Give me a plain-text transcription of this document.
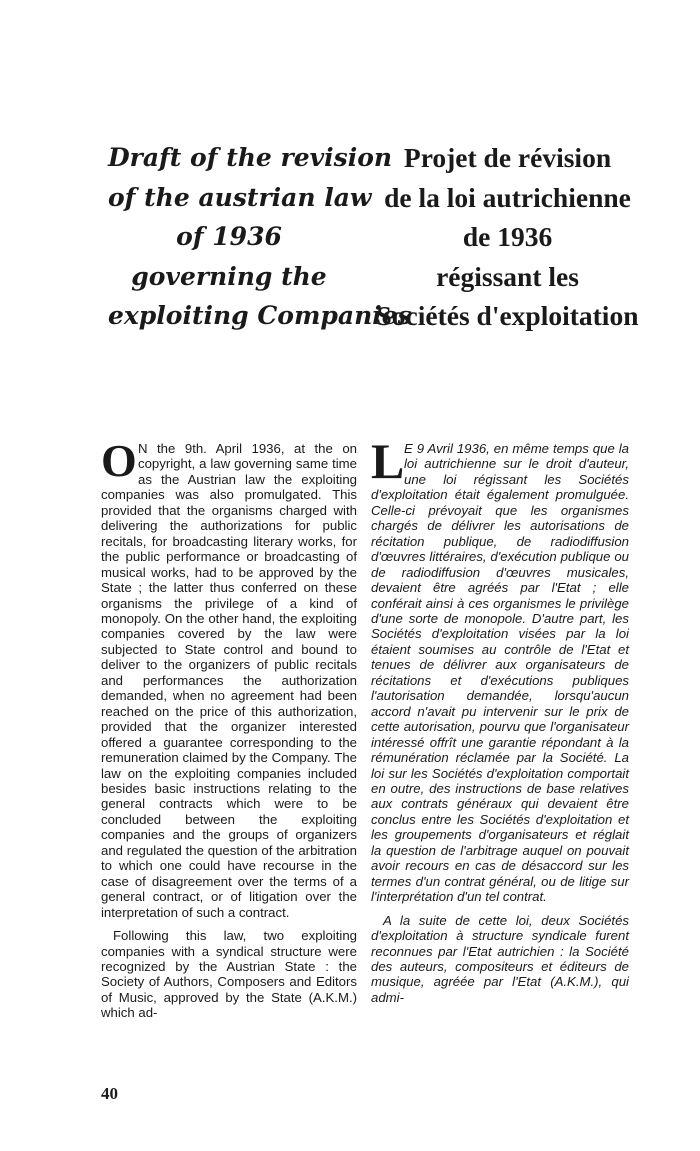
Draft of the revision
of the austrian law
of 1936
governing the
exploiting Companies
Projet de révision
de la loi autrichienne
de 1936
régissant les
Sociétés d'exploitation

O N the 9th. April 1936, at the on copyright, a law governing same time as the Austrian law the exploiting companies was also promulgated. This provided that the organisms charged with delivering the authorizations for public recitals, for broadcasting literary works, for the public performance or broadcasting of musical works, had to be approved by the State ; the latter thus conferred on these organisms the privilege of a kind of monopoly. On the other hand, the exploiting companies covered by the law were subjected to State control and bound to deliver to the organizers of public recitals and performances the authorization demanded, when no agreement had been reached on the price of this authorization, provided that the organizer interested offered a guarantee corresponding to the remuneration claimed by the Company. The law on the exploiting companies included besides basic instructions relating to the general contracts which were to be concluded between the exploiting companies and the groups of organizers and regulated the question of the arbitration to which one could have recourse in the case of disagreement over the terms of a general contract, or of litigation over the interpretation of such a contract.

Following this law, two exploiting companies with a syndical structure were recognized by the Austrian State : the Society of Authors, Composers and Editors of Music, approved by the State (A.K.M.) which ad-

L E 9 Avril 1936, en même temps que la loi autrichienne sur le droit d'auteur, une loi régissant les Sociétés d'exploitation était également promulguée. Celle-ci prévoyait que les organismes chargés de délivrer les autorisations de récitation publique, de radiodiffusion d'œuvres littéraires, d'exécution publique ou de radiodiffusion d'œuvres musicales, devaient être agréés par l'Etat ; elle conférait ainsi à ces organismes le privilège d'une sorte de monopole. D'autre part, les Sociétés d'exploitation visées par la loi étaient soumises au contrôle de l'Etat et tenues de délivrer aux organisateurs de récitations et d'exécutions publiques l'autorisation demandée, lorsqu'aucun accord n'avait pu intervenir sur le prix de cette autorisation, pourvu que l'organisateur intéressé offrît une garantie répondant à la rémunération réclamée par la Société. La loi sur les Sociétés d'exploitation comportait en outre, des instructions de base relatives aux contrats généraux qui devaient être conclus entre les Sociétés d'exploitation et les groupements d'organisateurs et réglait la question de l'arbitrage auquel on pouvait avoir recours en cas de désaccord sur les termes d'un contrat général, ou de litige sur l'interprétation d'un tel contrat.

A la suite de cette loi, deux Sociétés d'exploitation à structure syndicale furent reconnues par l'Etat autrichien : la Société des auteurs, compositeurs et éditeurs de musique, agréée par l'Etat (A.K.M.), qui admi-

40
